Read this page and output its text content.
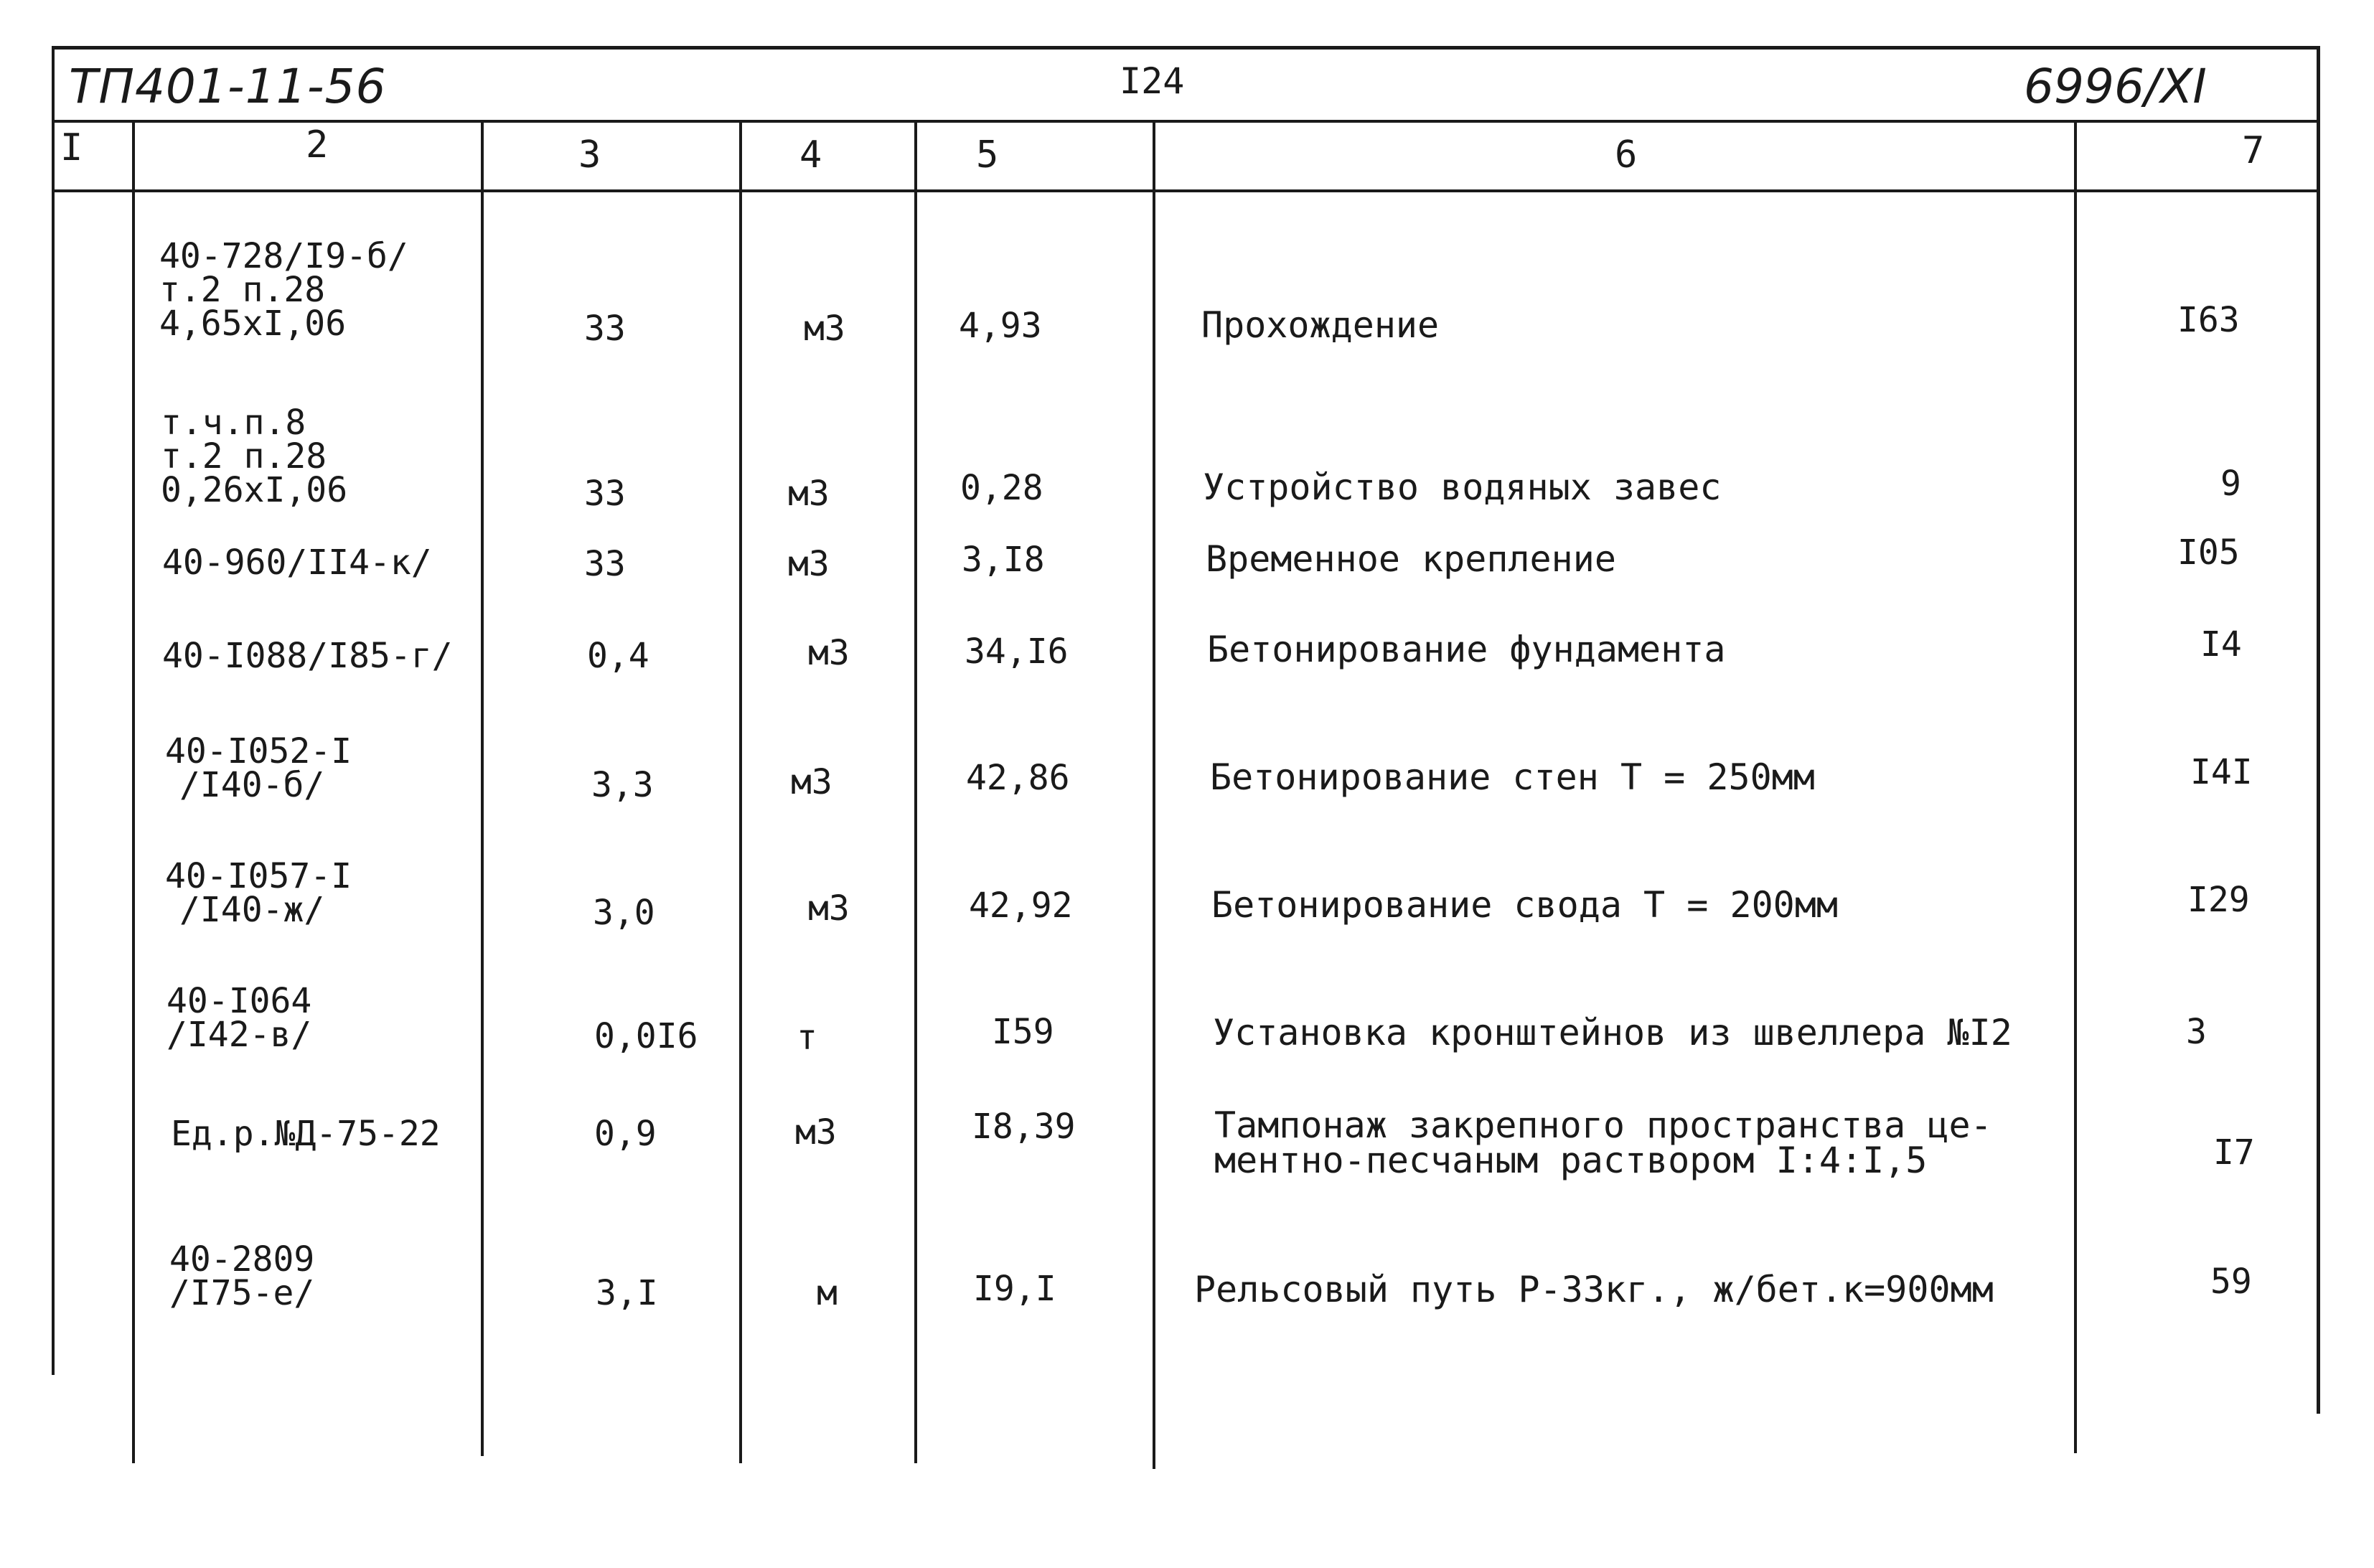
ТП401-11-56	I24	6996/XI
I	2	3	4	5	6	7
40-728/I9-б/
т.2 п.28
4,65xI,06	33	м3	4,93	Прохождение	I63
т.ч.п.8
т.2 п.28
0,26xI,06	33	м3	0,28	Устройство водяных завес	9
40-960/II4-к/	33	м3	3,I8	Временное крепление	I05
40-I088/I85-г/	0,4	м3	34,I6	Бетонирование фундамента	I4
40-I052-I
/I40-б/	3,3	м3	42,86	Бетонирование стен Т = 250мм	I4I
40-I057-I
/I40-ж/	3,0	м3	42,92	Бетонирование свода Т = 200мм	I29
40-I064
/I42-в/	0,0I6	т	I59	Установка кронштейнов из швеллера №I2	3
Ед.р.№Д-75-22	0,9	м3	I8,39	Тампонаж закрепного пространства це-
ментно-песчаным раствором I:4:I,5	I7
40-2809
/I75-е/	3,I	м	I9,I	Рельсовый путь Р-33кг., ж/бет.к=900мм	59
